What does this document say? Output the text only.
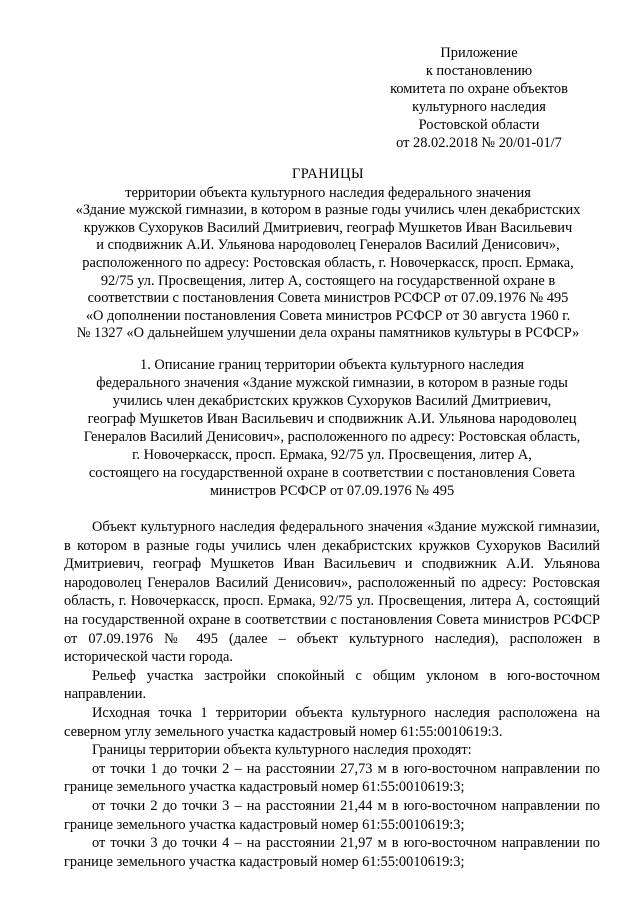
Приложение
к постановлению
комитета по охране объектов
культурного наследия
Ростовской области
от 28.02.2018 № 20/01-01/7
ГРАНИЦЫ
территории объекта культурного наследия федерального значения
«Здание мужской гимназии, в котором в разные годы учились член декабристских
кружков Сухоруков Василий Дмитриевич, географ Мушкетов Иван Васильевич
и сподвижник А.И. Ульянова народоволец Генералов Василий Денисович»,
расположенного по адресу: Ростовская область, г. Новочеркасск, просп. Ермака,
92/75 ул. Просвещения, литер А, состоящего на государственной охране в
соответствии с постановления Совета министров РСФСР от 07.09.1976 № 495
«О дополнении постановления Совета министров РСФСР от 30 августа 1960 г.
№ 1327 «О дальнейшем улучшении дела охраны памятников культуры в РСФСР»
1. Описание границ территории объекта культурного наследия
федерального значения «Здание мужской гимназии, в котором в разные годы
учились член декабристских кружков Сухоруков Василий Дмитриевич,
географ Мушкетов Иван Васильевич и сподвижник А.И. Ульянова народоволец
Генералов Василий Денисович», расположенного по адресу: Ростовская область,
г. Новочеркасск, просп. Ермака, 92/75 ул. Просвещения, литер А,
состоящего на государственной охране в соответствии с постановления Совета
министров РСФСР от 07.09.1976 № 495

Объект культурного наследия федерального значения «Здание мужской гимназии, в котором в разные годы учились член декабристских кружков Сухоруков Василий Дмитриевич, географ Мушкетов Иван Васильевич и сподвижник А.И. Ульянова народоволец Генералов Василий Денисович», расположенный по адресу: Ростовская область, г. Новочеркасск, просп. Ермака, 92/75 ул. Просвещения, литера А, состоящий на государственной охране в соответствии с постановления Совета министров РСФСР от 07.09.1976 № 495 (далее – объект культурного наследия), расположен в исторической части города.

Рельеф участка застройки спокойный с общим уклоном в юго-восточном направлении.

Исходная точка 1 территории объекта культурного наследия расположена на северном углу земельного участка кадастровый номер 61:55:0010619:3.

Границы территории объекта культурного наследия проходят:

от точки 1 до точки 2 – на расстоянии 27,73 м в юго-восточном направлении по границе земельного участка кадастровый номер 61:55:0010619:3;

от точки 2 до точки 3 – на расстоянии 21,44 м в юго-восточном направлении по границе земельного участка кадастровый номер 61:55:0010619:3;

от точки 3 до точки 4 – на расстоянии 21,97 м в юго-восточном направлении по границе земельного участка кадастровый номер 61:55:0010619:3;
